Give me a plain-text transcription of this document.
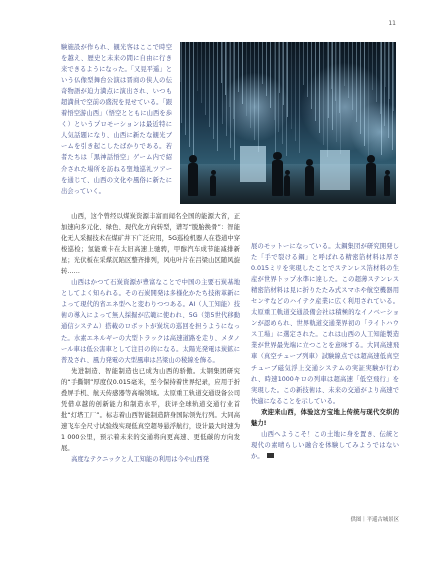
11

験施設が作られ、観光客はここで時空を越え、歴史と未来の間に自由に行き来できるようになった。「又見平遥」という仏像型舞台公演は晋商の侠人の伝奇物語が迫力満点に演出され、いつも超満員で空前の盛況を見せている。「跟着悟空游山西」（悟空とともに山西を歩く）というプロモーションは最近特に人気話題になり、山西に新たな観光ブームを引き起こしたばかりである。若者たちは「黒神話悟空」ゲーム内で紹介された場所を訪ねる聖地巡礼ツアーを通じて、山西の文化や風俗に新たに出会っていく。

山西，这个曾经以煤炭资源丰富而闻名全国的能源大省，正加速向多元化、绿色、现代化方向转型，谱写“脱胎换骨”：智能化无人采掘技术在煤矿井下广泛应用，5G巡检机器人在巷道中穿梭巡检；氢能重卡在太旧高速上驰骋，甲醇汽车成节能减排新星；光伏板在采煤沉陷区整齐排列，风电叶片在吕梁山区随风旋转……

山西はかつて石炭資源が豊富なことで中国の主要石炭基地としてよく知られる。その石炭開発は多様化かたち技術革新によって現代的省エネ型へと変わりつつある。AI（人工知能）技術の導入によって無人採掘が広範に使われ、5G（第5世代移動通信システム）搭載のロボットが炭坑の巡回を担うようになった。水素エネルギーの大型トラックは高速道路を走り、メタノール車は低公害車として注目の的になる。太陽光発電は炭鉱に普及され、風力発電の大型風車は呂梁山の稜線を飾る。

先进制造、智能制造也已成为山西的骄傲。太钢集团研究的“手撕钢”厚度仅0.015毫米，至今保持着世界纪录，应用于折叠屏手机、航天传感器等高端领域。太原重工轨道交通设备公司凭借卓越的创新能力和制造水平，获评全球轨道交通行业首批“灯塔工厂”。标志着山西智能制造跻身国际领先行列。大同高速飞车全尺寸试验线实现低真空超导悬浮航行，设计最大时速为1 000公里，预示着未来的交通将向更高速、更低碳的方向发展。

高度なテクニックと人工知能の利用は今や山西発

展のモットーになっている。太鋼集団が研究開発した「手で裂ける鋼」と呼ばれる精密箔材料は厚さ0.015ミリを実現したことでステンレス箔材料の生産が世界トップ水準に達した。この超薄ステンレス精密箔材料は見に折りたたみ式スマホや航空機器用センサなどのハイテク産業に広く利用されている。太原重工軌道交通設備会社は積極的なイノベーションが認められ、世界軌道交通業界初の「ライトハウス工場」に選定された。これは山西の人工知能製造業が世界最先端に立つことを意味する。大同高速飛車（真空チューブ列車）試験線点では超高速低真空チューブ磁気浮上交通システムの実証実験が行われ、時速1000キロの列車は超高速「低空飛行」を実現した。この新技術は、未来の交通がより高速で快適になることを示している。

欢迎来山西，体验这方宝地上传统与现代交织的魅力!

山西へようこそ！この土地に身を置き、伝統と現代の素晴らしい融合を体験してみようではないか。

供图｜平遥古城景区
